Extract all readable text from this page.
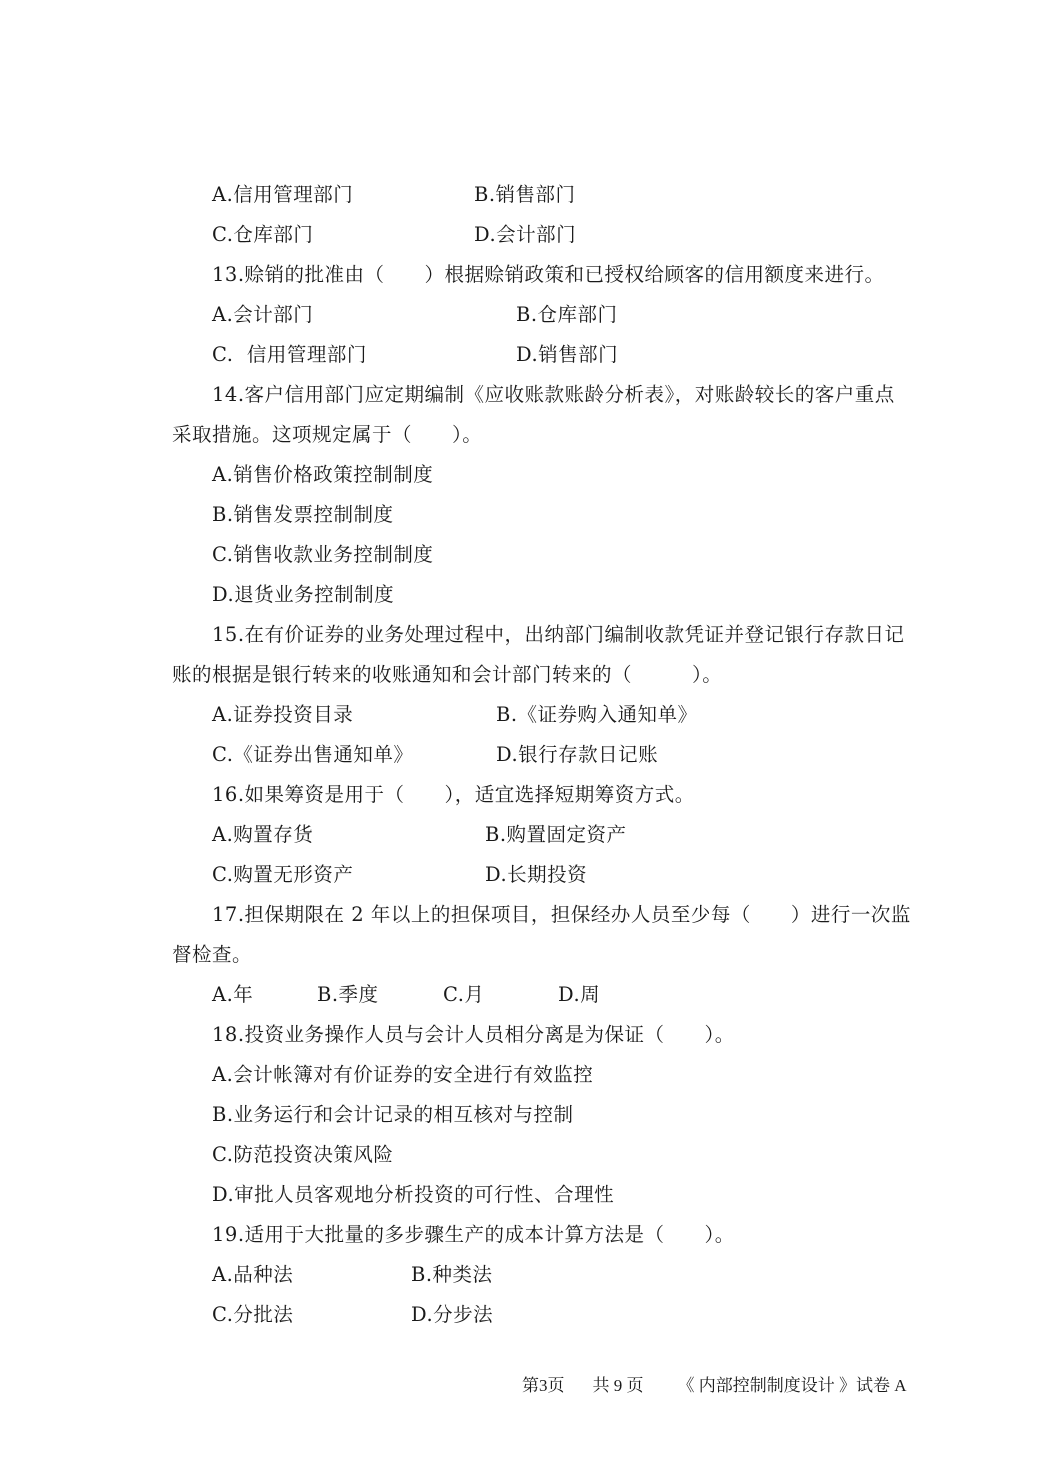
A.信用管理部门	B.销售部门
C.仓库部门	D.会计部门
13.赊销的批准由（　　）根据赊销政策和已授权给顾客的信用额度来进行。
A.会计部门	B.仓库部门
C.  信用管理部门	D.销售部门
14.客户信用部门应定期编制《应收账款账龄分析表》，对账龄较长的客户重点
采取措施。这项规定属于（　　）。
A.销售价格政策控制制度
B.销售发票控制制度
C.销售收款业务控制制度
D.退货业务控制制度
15.在有价证券的业务处理过程中，出纳部门编制收款凭证并登记银行存款日记
账的根据是银行转来的收账通知和会计部门转来的（　　　）。
A.证券投资目录	B.《证券购入通知单》
C.《证券出售通知单》	D.银行存款日记账
16.如果筹资是用于（　　），适宜选择短期筹资方式。
A.购置存货	B.购置固定资产
C.购置无形资产	D.长期投资
17.担保期限在 2 年以上的担保项目，担保经办人员至少每（　　）进行一次监
督检查。
A.年	B.季度	C.月	D.周
18.投资业务操作人员与会计人员相分离是为保证（　　）。
A.会计帐簿对有价证券的安全进行有效监控
B.业务运行和会计记录的相互核对与控制
C.防范投资决策风险
D.审批人员客观地分析投资的可行性、合理性
19.适用于大批量的多步骤生产的成本计算方法是（　　）。
A.品种法	B.种类法
C.分批法	D.分步法

第3页 共 9 页 《 内部控制制度设计 》试卷 A
